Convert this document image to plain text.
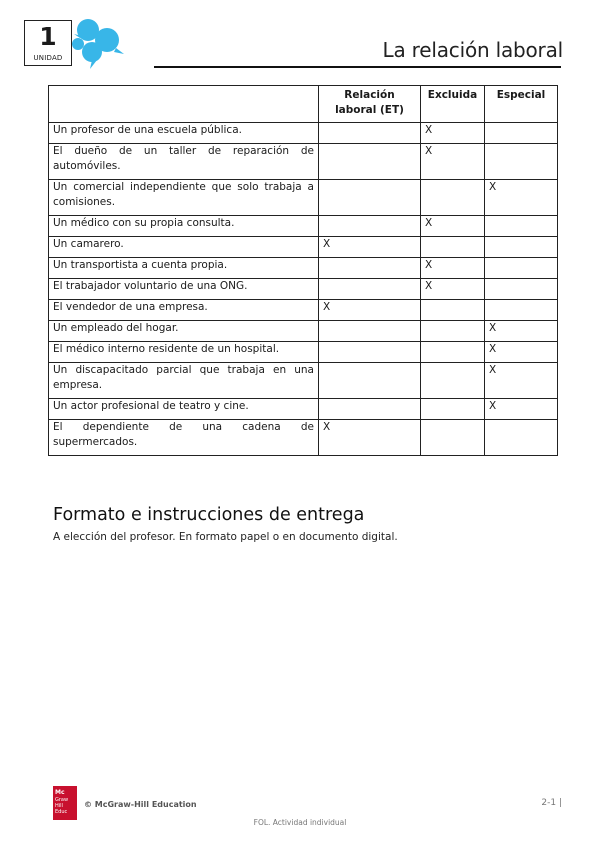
1
UNIDAD	La relación laboral
	Relación laboral (ET)	Excluida	Especial
Un profesor de una escuela pública.		X	
El dueño de un taller de reparación de automóviles.		X	
Un comercial independiente que solo trabaja a comisiones.			X
Un médico con su propia consulta.		X	
Un camarero.	X		
Un transportista a cuenta propia.		X	
El trabajador voluntario de una ONG.		X	
El vendedor de una empresa.	X		
Un empleado del hogar.			X
El médico interno residente de un hospital.			X
Un discapacitado parcial que trabaja en una empresa.			X
Un actor profesional de teatro y cine.			X
El dependiente de una cadena de supermercados.	X		
Formato e instrucciones de entrega
A elección del profesor. En formato papel o en documento digital.
Mc
Graw
Hill
Educ
© McGraw-Hill Education	2-1 |
FOL. Actividad individual
